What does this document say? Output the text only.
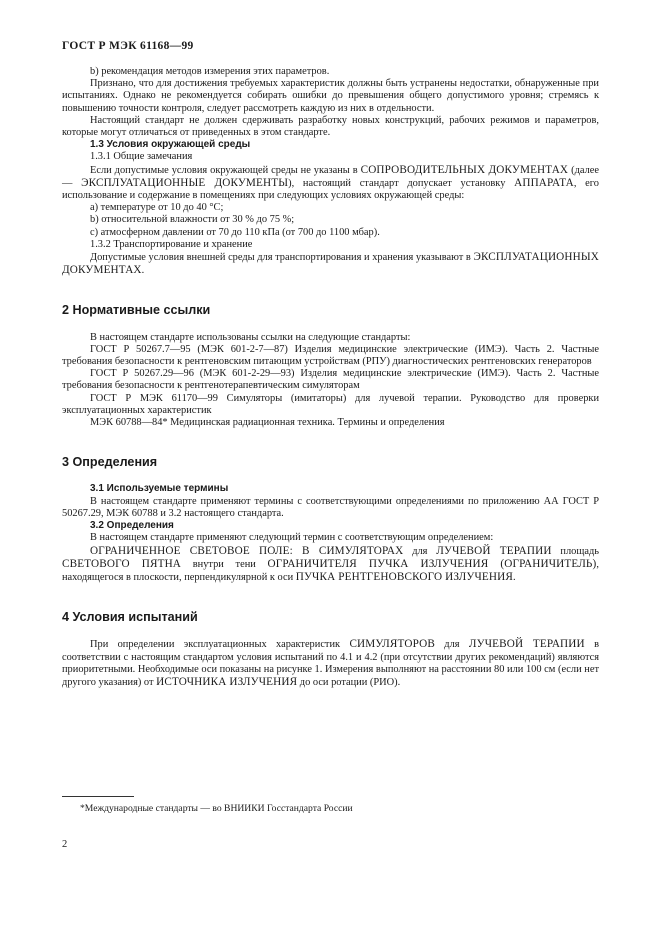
ГОСТ Р МЭК 61168—99

b) рекомендация методов измерения этих параметров.

Признано, что для достижения требуемых характеристик должны быть устранены недостатки, обнаруженные при испытаниях. Однако не рекомендуется собирать ошибки до превышения общего допустимого уровня; стремясь к повышению точности контроля, следует рассмотреть каждую из них в отдельности.

Настоящий стандарт не должен сдерживать разработку новых конструкций, рабочих режимов и параметров, которые могут отличаться от приведенных в этом стандарте.

1.3 Условия окружающей среды

1.3.1 Общие замечания

Если допустимые условия окружающей среды не указаны в СОПРОВОДИТЕЛЬНЫХ ДОКУМЕНТАХ (далее — ЭКСПЛУАТАЦИОННЫЕ ДОКУМЕНТЫ), настоящий стандарт допускает установку АППАРАТА, его использование и содержание в помещениях при следующих условиях окружающей среды:

a) температуре от 10 до 40 °C;

b) относительной влажности от 30 % до 75 %;

c) атмосферном давлении от 70 до 110 кПа (от 700 до 1100 мбар).

1.3.2 Транспортирование и хранение

Допустимые условия внешней среды для транспортирования и хранения указывают в ЭКСПЛУАТАЦИОННЫХ ДОКУМЕНТАХ.

2 Нормативные ссылки

В настоящем стандарте использованы ссылки на следующие стандарты:

ГОСТ Р 50267.7—95 (МЭК 601-2-7—87) Изделия медицинские электрические (ИМЭ). Часть 2. Частные требования безопасности к рентгеновским питающим устройствам (РПУ) диагностических рентгеновских генераторов

ГОСТ Р 50267.29—96 (МЭК 601-2-29—93) Изделия медицинские электрические (ИМЭ). Часть 2. Частные требования безопасности к рентгенотерапевтическим симуляторам

ГОСТ Р МЭК 61170—99 Симуляторы (имитаторы) для лучевой терапии. Руководство для проверки эксплуатационных характеристик

МЭК 60788—84* Медицинская радиационная техника. Термины и определения

3 Определения

3.1 Используемые термины

В настоящем стандарте применяют термины с соответствующими определениями по приложению АА ГОСТ Р 50267.29, МЭК 60788 и 3.2 настоящего стандарта.

3.2 Определения

В настоящем стандарте применяют следующий термин с соответствующим определением:

ОГРАНИЧЕННОЕ СВЕТОВОЕ ПОЛЕ: В СИМУЛЯТОРАХ для ЛУЧЕВОЙ ТЕРАПИИ площадь СВЕТОВОГО ПЯТНА внутри тени ОГРАНИЧИТЕЛЯ ПУЧКА ИЗЛУЧЕНИЯ (ОГРАНИЧИТЕЛЬ), находящегося в плоскости, перпендикулярной к оси ПУЧКА РЕНТГЕНОВСКОГО ИЗЛУЧЕНИЯ.

4 Условия испытаний

При определении эксплуатационных характеристик СИМУЛЯТОРОВ для ЛУЧЕВОЙ ТЕРАПИИ в соответствии с настоящим стандартом условия испытаний по 4.1 и 4.2 (при отсутствии других рекомендаций) являются приоритетными. Необходимые оси показаны на рисунке 1. Измерения выполняют на расстоянии 80 или 100 см (если нет другого указания) от ИСТОЧНИКА ИЗЛУЧЕНИЯ до оси ротации (РИО).

*Международные стандарты — во ВНИИКИ Госстандарта России
2
